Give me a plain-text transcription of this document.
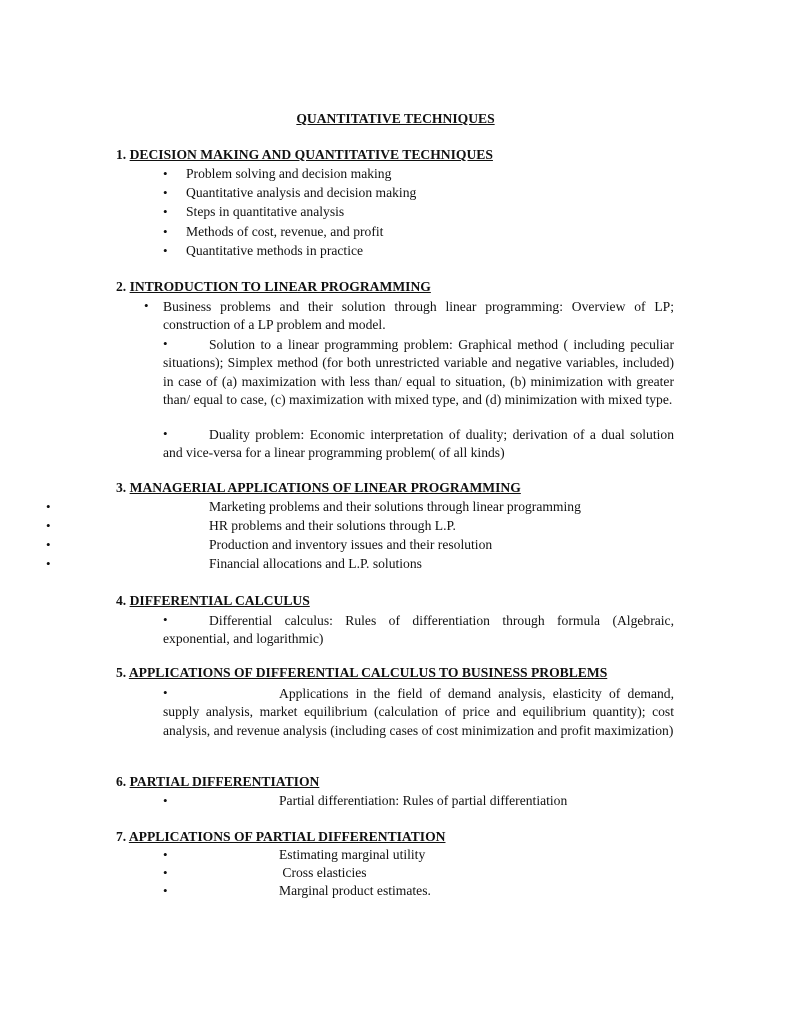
QUANTITATIVE TECHNIQUES
1. DECISION MAKING AND QUANTITATIVE TECHNIQUES
• Problem solving and decision making
• Quantitative analysis and decision making
• Steps in quantitative analysis
• Methods of cost, revenue, and profit
• Quantitative methods in practice
2. INTRODUCTION TO LINEAR PROGRAMMING
• Business problems and their solution through linear programming: Overview of LP; construction of a LP problem and model.
•	Solution to a linear programming problem: Graphical method ( including peculiar situations); Simplex method (for both unrestricted variable and negative variables, included) in case of (a) maximization with less than/ equal to situation, (b) minimization with greater than/ equal to case, (c) maximization with mixed type, and (d) minimization with mixed type.
•	Duality problem: Economic interpretation of duality; derivation of a dual solution and vice-versa for a linear programming problem( of all kinds)
3. MANAGERIAL APPLICATIONS OF LINEAR PROGRAMMING
•	Marketing problems and their solutions through linear programming
•	HR problems and their solutions through L.P.
•	Production and inventory issues and their resolution
•	Financial allocations and L.P. solutions
4. DIFFERENTIAL CALCULUS
•	Differential calculus: Rules of differentiation through formula (Algebraic, exponential, and logarithmic)
5. APPLICATIONS OF DIFFERENTIAL CALCULUS TO BUSINESS PROBLEMS
•	Applications in the field of demand analysis, elasticity of demand, supply analysis, market equilibrium (calculation of price and equilibrium quantity); cost analysis, and revenue analysis (including cases of cost minimization and profit maximization)
6. PARTIAL DIFFERENTIATION
•	Partial differentiation: Rules of partial differentiation
7. APPLICATIONS OF PARTIAL DIFFERENTIATION
•	Estimating marginal utility
•	Cross elasticies
•	Marginal product estimates.
